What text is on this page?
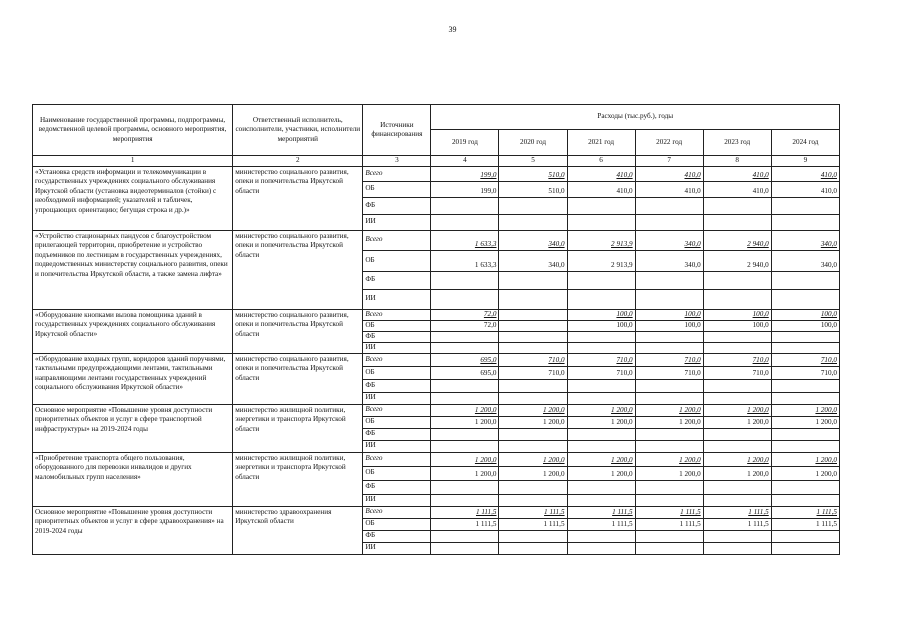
39
Наименование государственной программы, подпрограммы, ведомственной целевой программы, основного мероприятия, мероприятия	Ответственный исполнитель, соисполнители, участники, исполнители мероприятий	Источники финансирования	Расходы (тыс.руб.), годы					
			2019 год	2020 год	2021 год	2022 год	2023 год	2024 год
1	2	3	4	5	6	7	8	9
«Установка средств информации и телекоммуникации в государственных учреждениях социального обслуживания Иркутской области (установка видеотерминалов (стойки) с необходимой информацией; указателей и табличек, упрощающих ориентацию; бегущая строка и др.)»	министерство социального развития, опеки и попечительства Иркутской области	Всего	199,0	510,0	410,0	410,0	410,0	410,0
		ОБ	199,0	510,0	410,0	410,0	410,0	410,0
		ФБ						
		ИИ						
«Устройство стационарных пандусов с благоустройством прилегающей территории, приобретение и устройство подъемников по лестницам в государственных учреждениях, подведомственных министерству социального развития, опеки и попечительства Иркутской области, а также замена лифта»	министерство социального развития, опеки и попечительства Иркутской области	Всего	1 633,3	340,0	2 913,9	340,0	2 940,0	340,0
		ОБ	1 633,3	340,0	2 913,9	340,0	2 940,0	340,0
		ФБ						
		ИИ						
«Оборудование кнопками вызова помощника зданий в государственных учреждениях социального обслуживания Иркутской области»	министерство социального развития, опеки и попечительства Иркутской области	Всего	72,0		100,0	100,0	100,0	100,0
		ОБ	72,0		100,0	100,0	100,0	100,0
		ФБ						
		ИИ						
«Оборудование входных групп, коридоров зданий поручнями, тактильными предупреждающими лентами, тактильными направляющими лентами государственных учреждений социального обслуживания Иркутской области»	министерство социального развития, опеки и попечительства Иркутской области	Всего	695,0	710,0	710,0	710,0	710,0	710,0
		ОБ	695,0	710,0	710,0	710,0	710,0	710,0
		ФБ						
		ИИ						
Основное мероприятие «Повышение уровня доступности приоритетных объектов и услуг в сфере транспортной инфраструктуры» на 2019-2024 годы	министерство жилищной политики, энергетики и транспорта Иркутской области	Всего	1 200,0	1 200,0	1 200,0	1 200,0	1 200,0	1 200,0
		ОБ	1 200,0	1 200,0	1 200,0	1 200,0	1 200,0	1 200,0
		ФБ						
		ИИ						
«Приобретение транспорта общего пользования, оборудованного для перевозки инвалидов и других маломобильных групп населения»	министерство жилищной политики, энергетики и транспорта Иркутской области	Всего	1 200,0	1 200,0	1 200,0	1 200,0	1 200,0	1 200,0
		ОБ	1 200,0	1 200,0	1 200,0	1 200,0	1 200,0	1 200,0
		ФБ						
		ИИ						
Основное мероприятие «Повышение уровня доступности приоритетных объектов и услуг в сфере здравоохранения» на 2019-2024 годы	министерство здравоохранения Иркутской области	Всего	1 111,5	1 111,5	1 111,5	1 111,5	1 111,5	1 111,5
		ОБ	1 111,5	1 111,5	1 111,5	1 111,5	1 111,5	1 111,5
		ФБ						
		ИИ						
